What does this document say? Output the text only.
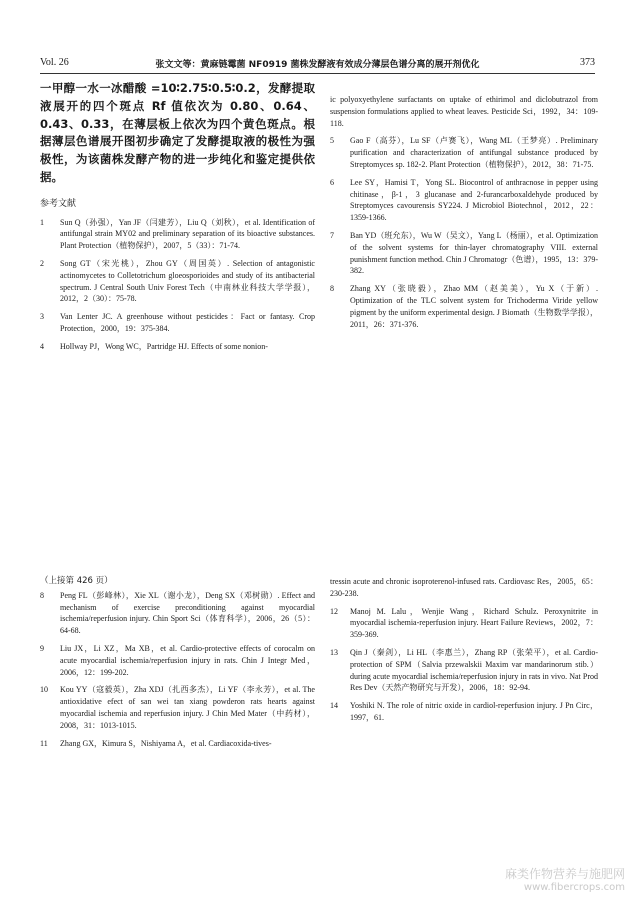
Vol. 26	张文文等：黄麻链霉菌 NF0919 菌株发酵液有效成分薄层色谱分离的展开剂优化	373

一甲醇一水一冰醋酸 =10∶2.75∶0.5∶0.2，发酵提取液展开的四个斑点 Rf 值依次为 0.80、0.64、0.43、0.33，在薄层板上依次为四个黄色斑点。根据薄层色谱展开图初步确定了发酵提取液的极性为强极性，为该菌株发酵产物的进一步纯化和鉴定提供依据。

参考文献
1	Sun Q（孙强），Yan JF（闫建芳），Liu Q（刘秋），et al. Identification of antifungal strain MY02 and preliminary separation of its bioactive substances. Plant Protection（植物保护），2007，5（33）：71-74.
2	Song GT（宋光桃），Zhou GY（周国英）. Selection of antagonistic actinomycetes to Colletotrichum gloeosporioides and study of its antibacterial spectrum. J Central South Univ Forest Tech（中南林业科技大学学报），2012，2（30）：75-78.
3	Van Lenter JC. A greenhouse without pesticides：Fact or fantasy. Crop Protection，2000，19：375-384.
4	Hollway PJ，Wong WC，Partridge HJ. Effects of some nonion-
ic polyoxyethylene surfactants on uptake of ethirimol and diclobutrazol from suspension formulations applied to wheat leaves. Pesticide Sci，1992，34：109-118.
5	Gao F（高芬），Lu SF（卢赛飞），Wang ML（王梦亮）. Preliminary purification and characterization of antifungal substance produced by Streptomyces sp. 182-2. Plant Protection（植物保护），2012，38：71-75.
6	Lee SY，Hamisi T，Yong SL. Biocontrol of anthracnose in pepper using chitinase，β-1，3 glucanase and 2-furancarboxaldehyde produced by Streptomyces cavourensis SY224. J Microbiol Biotechnol，2012，22：1359-1366.
7	Ban YD（班允东），Wu W（吴文），Yang L（杨丽），et al. Optimization of the solvent systems for thin-layer chromatography VIII. external punishment function method. Chin J Chromatogr（色谱），1995，13：379-382.
8	Zhang XY（张晓毅），Zhao MM（赵美美），Yu X（于新）. Optimization of the TLC solvent system for Trichoderma Viride yellow pigment by the uniform experimental design. J Biomath（生物数学学报），2011，26：371-376.
（上接第 426 页）
8	Peng FL（彭峰林），Xie XL（谢小龙），Deng SX（邓树勋）. Effect and mechanism of exercise preconditioning against myocardial ischemia/reperfusion injury. Chin Sport Sci（体育科学），2006，26（5）：64-68.
9	Liu JX，Li XZ，Ma XB，et al. Cardio-protective effects of corocalm on acute myocardial ischemia/reperfusion injury in rats. Chin J Integr Med，2006，12：199-202.
10	Kou YY（寇毅英），Zha XDJ（扎西多杰），Li YF（李永芳），et al. The antioxidative efect of san wei tan xiang powderon rats hearts against myocardial ischemia and reperfusion injury. J Chin Med Mater（中药材），2008，31：1013-1015.
11	Zhang GX，Kimura S，Nishiyama A，et al. Cardiacoxida-tives-
tressin acute and chronic isoproterenol-infused rats. Cardiovasc Res，2005，65：230-238.
12	Manoj M. Lalu，Wenjie Wang，Richard Schulz. Peroxynitrite in myocardial ischemia-reperfusion injury. Heart Failure Reviews，2002，7：359-369.
13	Qin J（秦剑），Li HL（李惠兰），Zhang RP（张荣平），et al. Cardio-protection of SPM（Salvia przewalskii Maxim var mandarinorum stib.）during acute myocardial ischemia/reperfusion injury in rats in vivo. Nat Prod Res Dev（天然产物研究与开发），2006，18：92-94.
14	Yoshiki N. The role of nitric oxide in cardiol-reperfusion injury. J Pn Circ，1997，61.
麻类作物营养与施肥网
www.fibercrops.com
